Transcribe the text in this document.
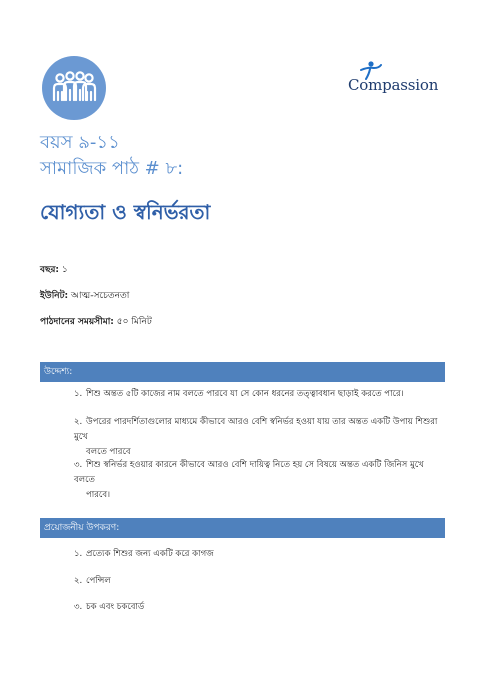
Compassion
বয়স ৯-১১
সামাজিক পাঠ # ৮:
যোগ্যতা ও স্বনির্ভরতা
বছর: ১
ইউনিট: আত্ম-সচেতনতা
পাঠদানের সময়সীমা: ৫০ মিনিট
উদ্দেশ্য:
১. শিশু অন্তত ৫টি কাজের নাম বলতে পারবে যা সে কোন ধরনের তত্ত্বাবধান ছাড়াই করতে পারে।
২. উপরের পারদর্শিতাগুলোর মাধ্যমে কীভাবে আরও বেশি স্বনির্ভর হওয়া যায় তার অন্তত একটি উপায় শিশুরা মুখে
বলতে পারবে
৩. শিশু স্বনির্ভর হওয়ার কারনে কীভাবে আরও বেশি দায়িত্ব নিতে হয় সে বিষয়ে অন্তত একটি জিনিস মুখে বলতে
পারবে।
প্রয়োজনীয় উপকরণ:
১. প্রত্যেক শিশুর জন্য একটি করে কাগজ
২. পেন্সিল
৩. চক এবং চকবোর্ড
